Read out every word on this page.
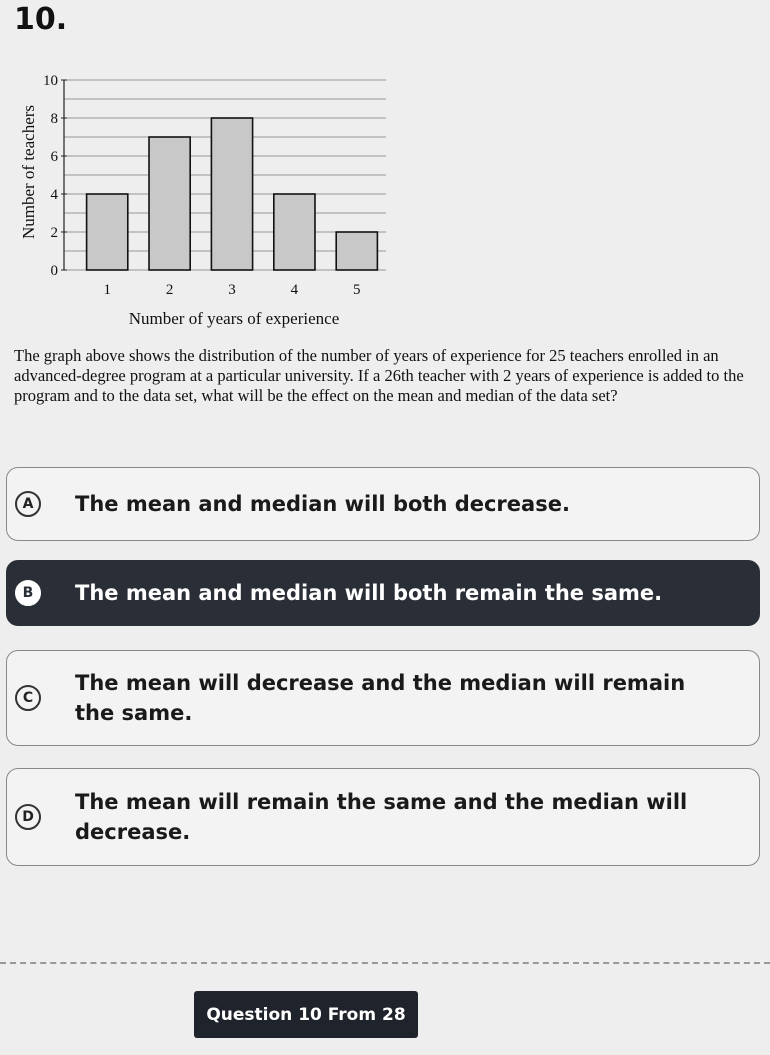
10.
0
2
4
6
8
10
1	2	3	4	5
Number of years of experience
Number of teachers
The graph above shows the distribution of the number of years of experience for 25 teachers enrolled in an advanced-degree program at a particular university. If a 26th teacher with 2 years of experience is added to the program and to the data set, what will be the effect on the mean and median of the data set?
A	The mean and median will both decrease.
B	The mean and median will both remain the same.
C
The mean will decrease and the median will remain the same.
D
The mean will remain the same and the median will decrease.
Question 10 From 28
